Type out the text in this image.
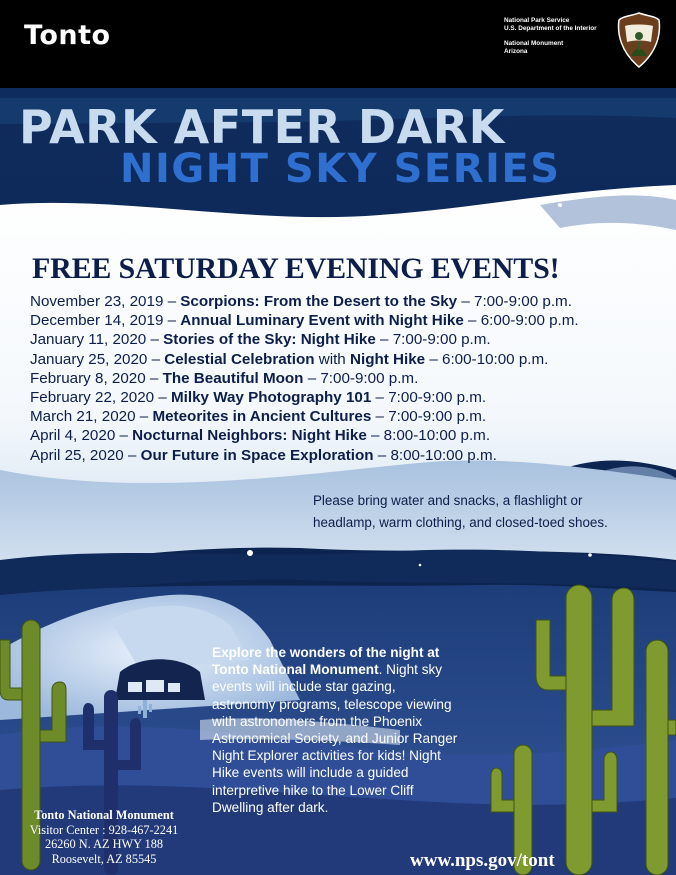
Tonto	National Park Service
U.S. Department of the Interior
National Monument
Arizona
PARK AFTER DARK
NIGHT SKY SERIES
FREE SATURDAY EVENING EVENTS!
November 23, 2019 – Scorpions: From the Desert to the Sky – 7:00-9:00 p.m.
December 14, 2019 – Annual Luminary Event with Night Hike – 6:00-9:00 p.m.
January 11, 2020 – Stories of the Sky: Night Hike – 7:00-9:00 p.m.
January 25, 2020 – Celestial Celebration with Night Hike – 6:00-10:00 p.m.
February 8, 2020 – The Beautiful Moon – 7:00-9:00 p.m.
February 22, 2020 – Milky Way Photography 101 – 7:00-9:00 p.m.
March 21, 2020 – Meteorites in Ancient Cultures – 7:00-9:00 p.m.
April 4, 2020 – Nocturnal Neighbors: Night Hike – 8:00-10:00 p.m.
April 25, 2020 – Our Future in Space Exploration – 8:00-10:00 p.m.
Please bring water and snacks, a flashlight or headlamp, warm clothing, and closed-toed shoes.
Explore the wonders of the night at Tonto National Monument. Night sky events will include star gazing, astronomy programs, telescope viewing with astronomers from the Phoenix Astronomical Society, and Junior Ranger Night Explorer activities for kids! Night Hike events will include a guided interpretive hike to the Lower Cliff Dwelling after dark.
Tonto National Monument
Visitor Center : 928-467-2241
26260 N. AZ HWY 188
Roosevelt, AZ 85545	www.nps.gov/tont
